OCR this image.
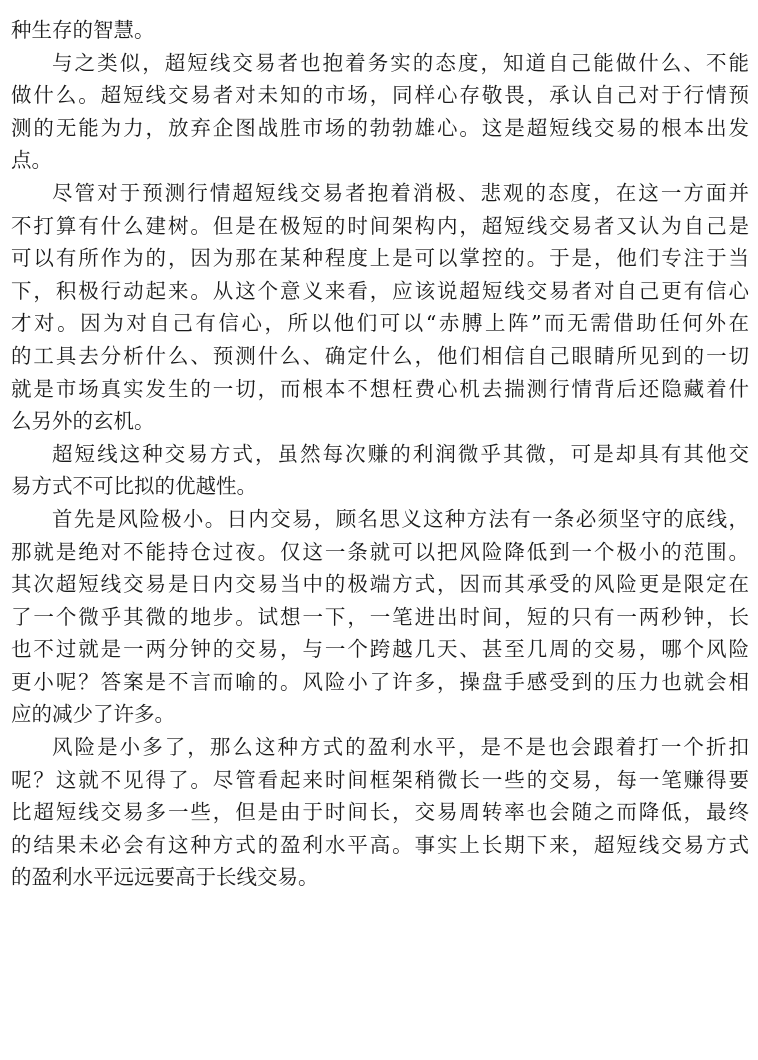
种生存的智慧。
与之类似，超短线交易者也抱着务实的态度，知道自己能做什么、不能
做什么。超短线交易者对未知的市场，同样心存敬畏，承认自己对于行情预
测的无能为力，放弃企图战胜市场的勃勃雄心。这是超短线交易的根本出发
点。
尽管对于预测行情超短线交易者抱着消极、悲观的态度，在这一方面并
不打算有什么建树。但是在极短的时间架构内，超短线交易者又认为自己是
可以有所作为的，因为那在某种程度上是可以掌控的。于是，他们专注于当
下，积极行动起来。从这个意义来看，应该说超短线交易者对自己更有信心
才对。因为对自己有信心，所以他们可以“赤膊上阵”而无需借助任何外在
的工具去分析什么、预测什么、确定什么，他们相信自己眼睛所见到的一切
就是市场真实发生的一切，而根本不想枉费心机去揣测行情背后还隐藏着什
么另外的玄机。
超短线这种交易方式，虽然每次赚的利润微乎其微，可是却具有其他交
易方式不可比拟的优越性。
首先是风险极小。日内交易，顾名思义这种方法有一条必须坚守的底线，
那就是绝对不能持仓过夜。仅这一条就可以把风险降低到一个极小的范围。
其次超短线交易是日内交易当中的极端方式，因而其承受的风险更是限定在
了一个微乎其微的地步。试想一下，一笔进出时间，短的只有一两秒钟，长
也不过就是一两分钟的交易，与一个跨越几天、甚至几周的交易，哪个风险
更小呢？答案是不言而喻的。风险小了许多，操盘手感受到的压力也就会相
应的减少了许多。
风险是小多了，那么这种方式的盈利水平，是不是也会跟着打一个折扣
呢？这就不见得了。尽管看起来时间框架稍微长一些的交易，每一笔赚得要
比超短线交易多一些，但是由于时间长，交易周转率也会随之而降低，最终
的结果未必会有这种方式的盈利水平高。事实上长期下来，超短线交易方式
的盈利水平远远要高于长线交易。
